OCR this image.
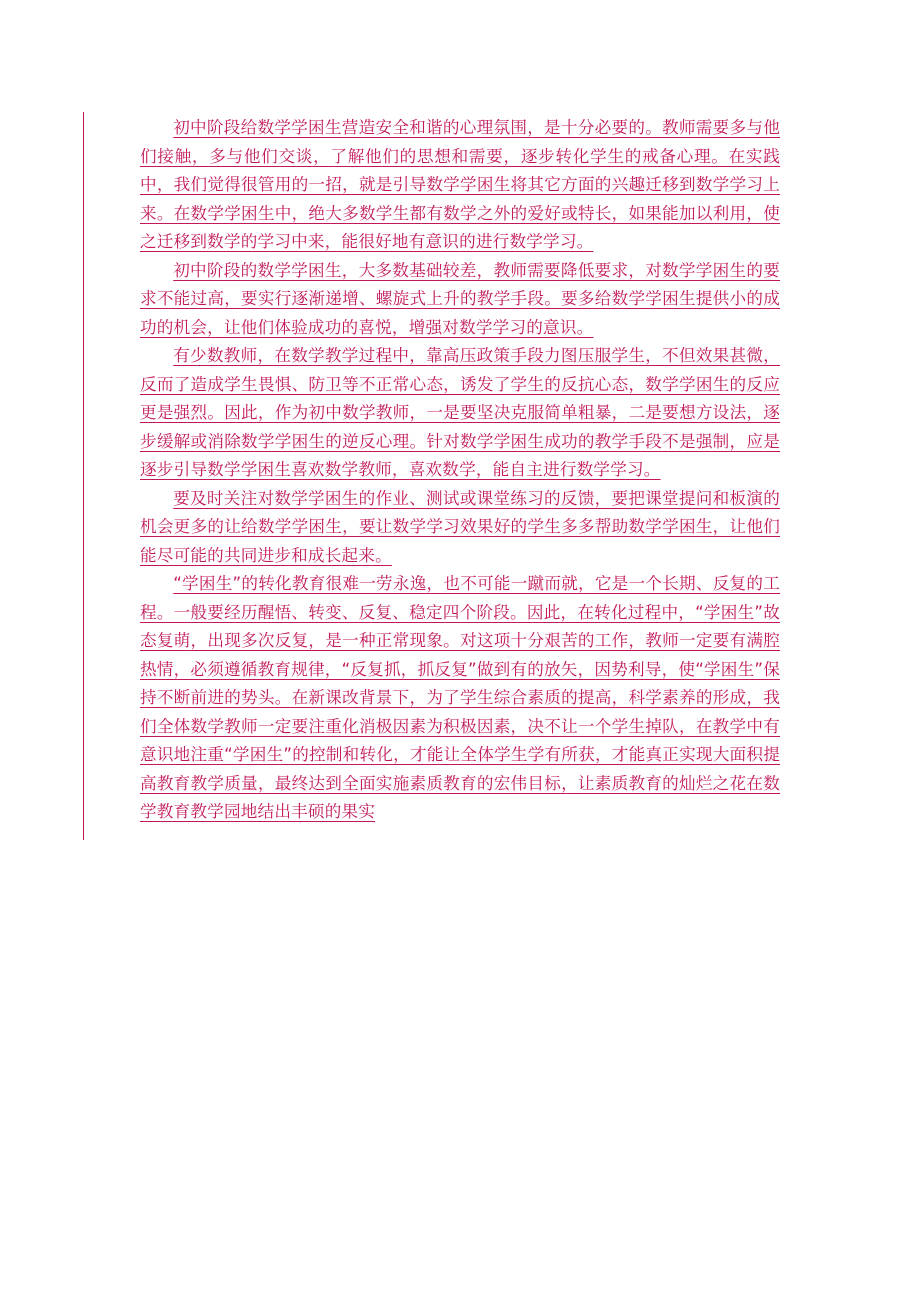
初中阶段给数学学困生营造安全和谐的心理氛围，是十分必要的。教师需要多与他们接触，多与他们交谈，了解他们的思想和需要，逐步转化学生的戒备心理。在实践中，我们觉得很管用的一招，就是引导数学学困生将其它方面的兴趣迁移到数学学习上来。在数学学困生中，绝大多数学生都有数学之外的爱好或特长，如果能加以利用，使之迁移到数学的学习中来，能很好地有意识的进行数学学习。

初中阶段的数学学困生，大多数基础较差，教师需要降低要求，对数学学困生的要求不能过高，要实行逐渐递增、螺旋式上升的教学手段。要多给数学学困生提供小的成功的机会，让他们体验成功的喜悦，增强对数学学习的意识。

有少数教师，在数学教学过程中，靠高压政策手段力图压服学生，不但效果甚微，反而了造成学生畏惧、防卫等不正常心态，诱发了学生的反抗心态，数学学困生的反应更是强烈。因此，作为初中数学教师，一是要坚决克服简单粗暴，二是要想方设法，逐步缓解或消除数学学困生的逆反心理。针对数学学困生成功的教学手段不是强制，应是逐步引导数学学困生喜欢数学教师，喜欢数学，能自主进行数学学习。

要及时关注对数学学困生的作业、测试或课堂练习的反馈，要把课堂提问和板演的机会更多的让给数学学困生，要让数学学习效果好的学生多多帮助数学学困生，让他们能尽可能的共同进步和成长起来。

“学困生”的转化教育很难一劳永逸，也不可能一蹴而就，它是一个长期、反复的工程。一般要经历醒悟、转变、反复、稳定四个阶段。因此，在转化过程中，“学困生”故态复萌，出现多次反复，是一种正常现象。对这项十分艰苦的工作，教师一定要有满腔热情，必须遵循教育规律，“反复抓，抓反复”做到有的放矢，因势利导，使“学困生”保持不断前进的势头。在新课改背景下，为了学生综合素质的提高，科学素养的形成，我们全体数学教师一定要注重化消极因素为积极因素，决不让一个学生掉队，在教学中有意识地注重“学困生”的控制和转化，才能让全体学生学有所获，才能真正实现大面积提高教育教学质量，最终达到全面实施素质教育的宏伟目标，让素质教育的灿烂之花在数学教育教学园地结出丰硕的果实
